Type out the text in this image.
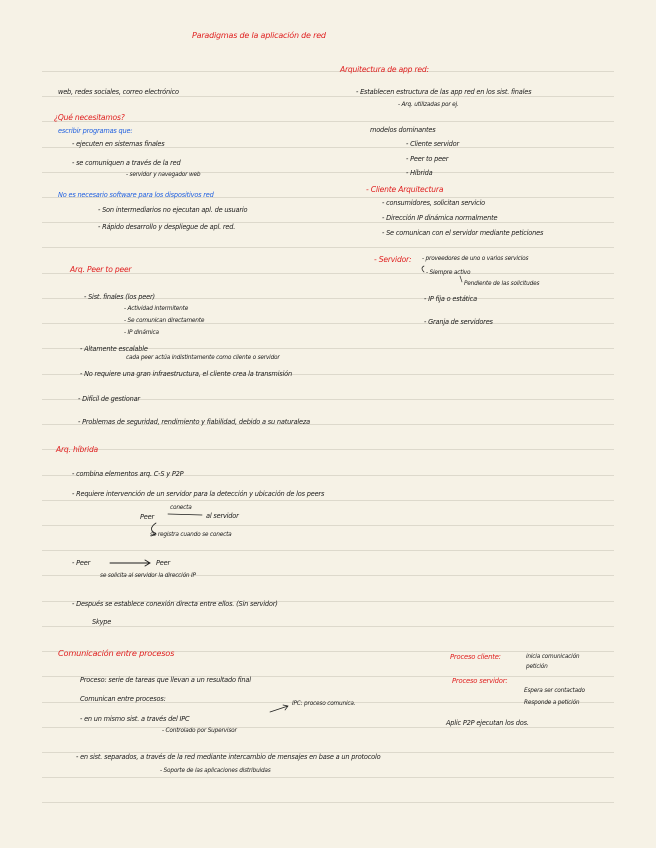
Paradigmas de la aplicación de red
web, redes sociales, correo electrónico
¿Qué necesitamos?
escribir programas que:
- ejecuten en sistemas finales
- se comuniquen a través de la red
- servidor y navegador web
No es necesario software para los dispositivos red
- Son intermediarios no ejecutan apl. de usuario
- Rápido desarrollo y despliegue de apl. red.
Arq. Peer to peer
- Sist. finales (los peer)
- Actividad intermitente
- Se comunican directamente
- IP dinámica
- Altamente escalable
cada peer actúa indistintamente como cliente o servidor
- No requiere una gran infraestructura, el cliente crea la transmisión
- Difícil de gestionar
- Problemas de seguridad, rendimiento y fiabilidad, debido a su naturaleza
Arq. híbrida
- combina elementos arq. C-S y P2P
- Requiere intervención de un servidor para la detección y ubicación de los peers
Peer
conecta
al servidor
se registra cuando se conecta
- Peer	Peer
se solicita al servidor la dirección IP
- Después se establece conexión directa entre ellos. (Sin servidor)
Skype
Comunicación entre procesos
Proceso: serie de tareas que llevan a un resultado final
Comunican entre procesos:
- en un mismo sist. a través del IPC
IPC: proceso comunica.
- Controlado por Supervisor
- en sist. separados, a través de la red mediante intercambio de mensajes en base a un protocolo
- Soporte de las aplicaciones distribuidas
Arquitectura de app red:
- Establecen estructura de las app red en los sist. finales
- Arq. utilizadas por ej.
modelos dominantes
- Cliente servidor
- Peer to peer
- Híbrida
- Cliente Arquitectura
- consumidores, solicitan servicio
- Dirección IP dinámica normalmente
- Se comunican con el servidor mediante peticiones
- Servidor: - proveedores de uno o varios servicios
- Siempre activo
Pendiente de las solicitudes
- IP fija o estática
- Granja de servidores
Proceso cliente:	inicia comunicación petición
Proceso servidor:
Espera ser contactado
Responde a petición
Aplic P2P ejecutan los dos.
